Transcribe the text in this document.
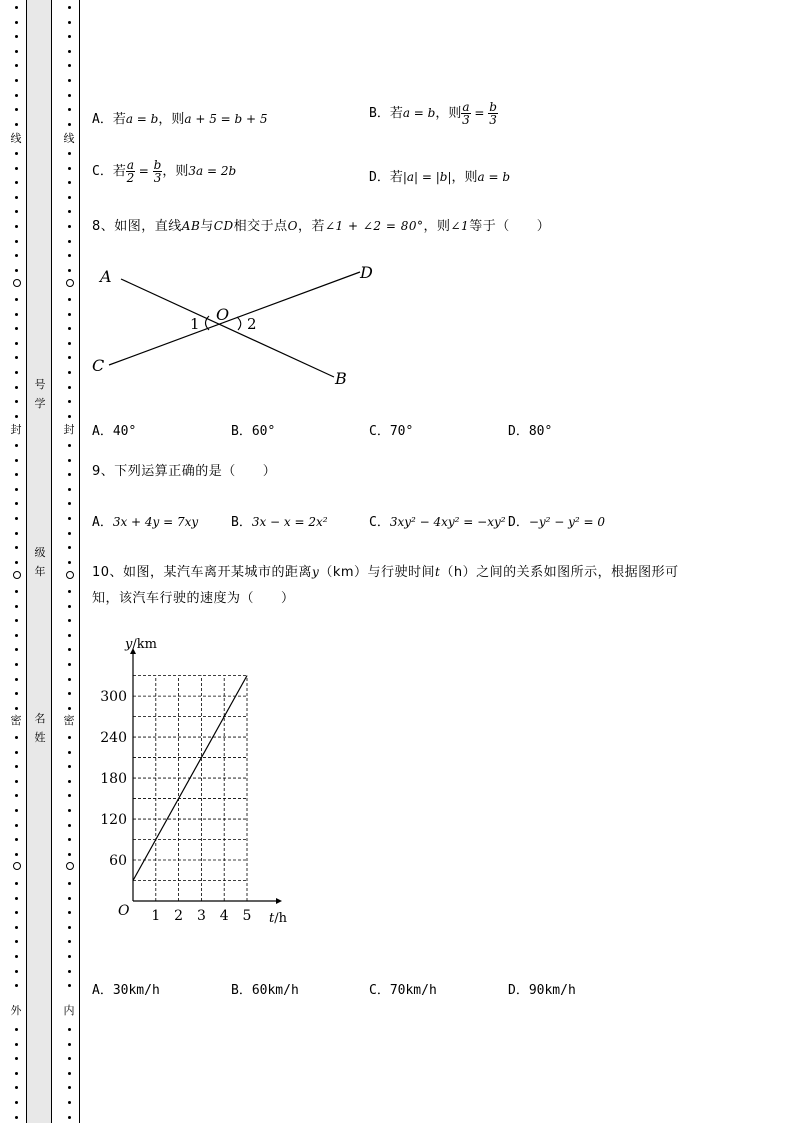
线
封
密
外
线
封
密
内
号学
级年
名姓
A．若a = b，则a + 5 = b + 5	B．若a = b，则 $\frac{a}{3} = \frac{b}{3}$
C．若 $\frac{a}{2} = \frac{b}{3}$ ，则3a = 2b	D．若|a| = |b|，则a = b
8、如图，直线AB与CD相交于点O，若∠1 + ∠2 = 80°，则∠1等于（　　）
A
B
C
D
O
1	2
A．40°	B．60°	C．70°	D．80°
9、下列运算正确的是（　　）
A．3x + 4y = 7xy	B．3x − x = 2x²	C．3xy² − 4xy² = −xy² D．−y² − y² = 0
10、如图，某汽车离开某城市的距离y（km）与行驶时间t（h）之间的关系如图所示，根据图形可
知，该汽车行驶的速度为（　　）
1 2 3 4 5
60
120
180
240
300
O
y/km
t/h
A．30km/h	B．60km/h	C．70km/h	D．90km/h
